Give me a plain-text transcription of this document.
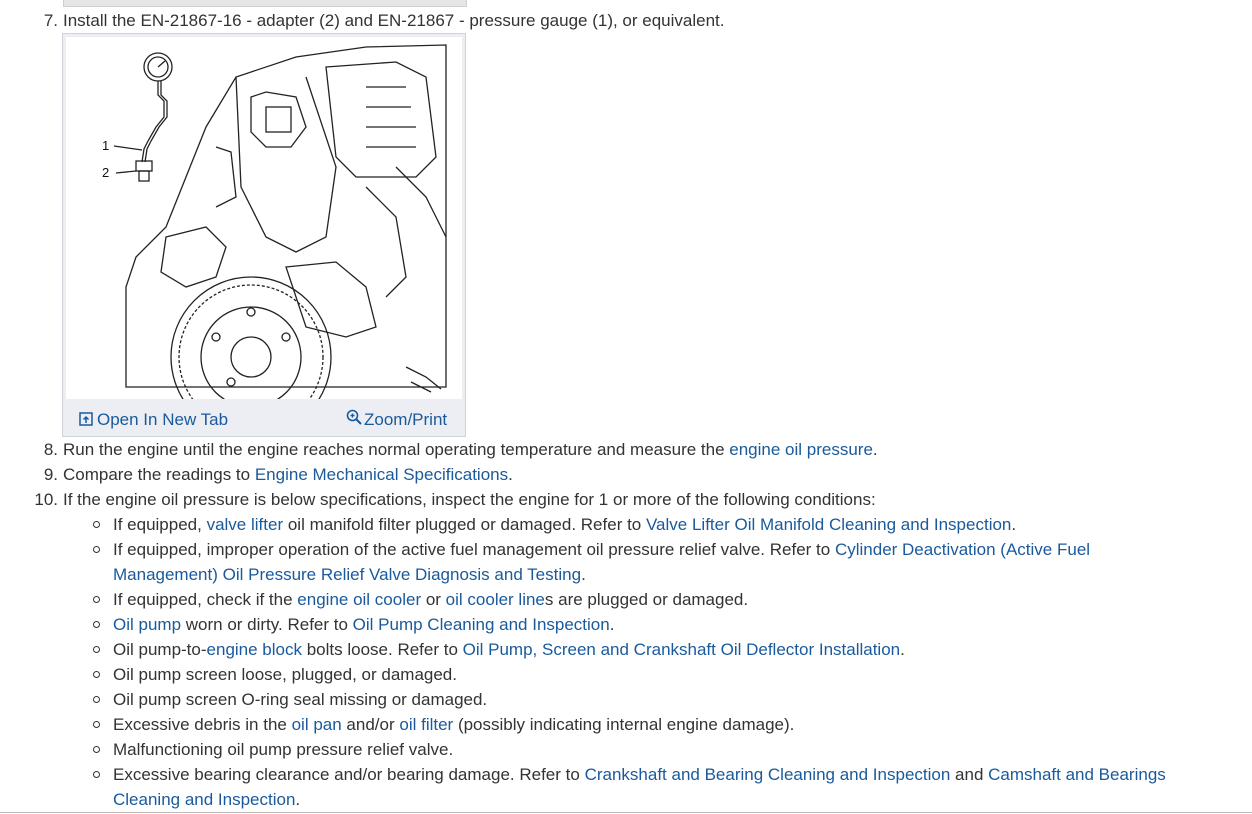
7. Install the EN-21867-16 - adapter (2) and EN-21867 - pressure gauge (1), or equivalent.
1
2
Open In New Tab	Zoom/Print
8. Run the engine until the engine reaches normal operating temperature and measure the engine oil pressure.
9. Compare the readings to Engine Mechanical Specifications.
10. If the engine oil pressure is below specifications, inspect the engine for 1 or more of the following conditions:
If equipped, valve lifter oil manifold filter plugged or damaged. Refer to Valve Lifter Oil Manifold Cleaning and Inspection.
If equipped, improper operation of the active fuel management oil pressure relief valve. Refer to Cylinder Deactivation (Active Fuel
Management) Oil Pressure Relief Valve Diagnosis and Testing.
If equipped, check if the engine oil cooler or oil cooler lines are plugged or damaged.
Oil pump worn or dirty. Refer to Oil Pump Cleaning and Inspection.
Oil pump-to-engine block bolts loose. Refer to Oil Pump, Screen and Crankshaft Oil Deflector Installation.
Oil pump screen loose, plugged, or damaged.
Oil pump screen O-ring seal missing or damaged.
Excessive debris in the oil pan and/or oil filter (possibly indicating internal engine damage).
Malfunctioning oil pump pressure relief valve.
Excessive bearing clearance and/or bearing damage. Refer to Crankshaft and Bearing Cleaning and Inspection and Camshaft and Bearings
Cleaning and Inspection.
